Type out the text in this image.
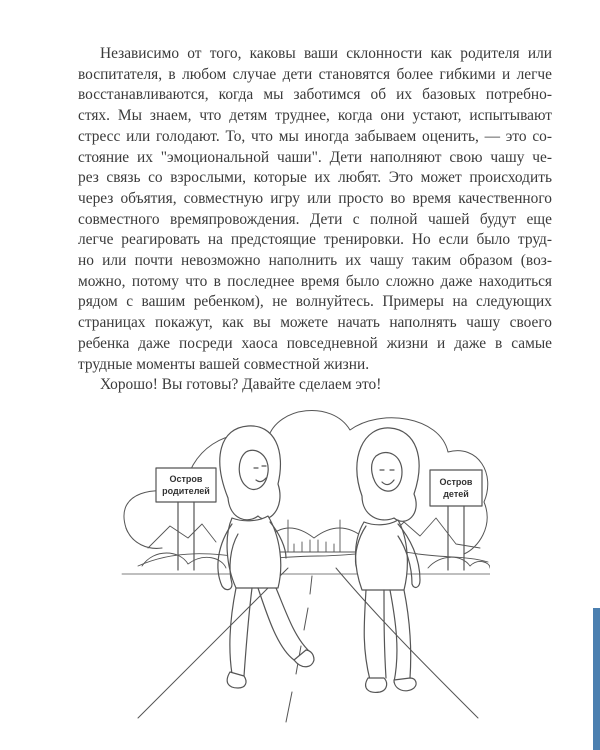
Независимо от того, каковы ваши склонности как родителя или
воспитателя, в любом случае дети становятся более гибкими и легче
восстанавливаются, когда мы заботимся об их базовых потребно-
стях. Мы знаем, что детям труднее, когда они устают, испытывают
стресс или голодают. То, что мы иногда забываем оценить, — это со-
стояние их "эмоциональной чаши". Дети наполняют свою чашу че-
рез связь со взрослыми, которые их любят. Это может происходить
через объятия, совместную игру или просто во время качественного
совместного времяпровождения. Дети с полной чашей будут еще
легче реагировать на предстоящие тренировки. Но если было труд-
но или почти невозможно наполнить их чашу таким образом (воз-
можно, потому что в последнее время было сложно даже находиться
рядом с вашим ребенком), не волнуйтесь. Примеры на следующих
страницах покажут, как вы можете начать наполнять чашу своего
ребенка даже посреди хаоса повседневной жизни и даже в самые
трудные моменты вашей совместной жизни.
Хорошо! Вы готовы? Давайте сделаем это!
Остров
родителей
Остров
детей
